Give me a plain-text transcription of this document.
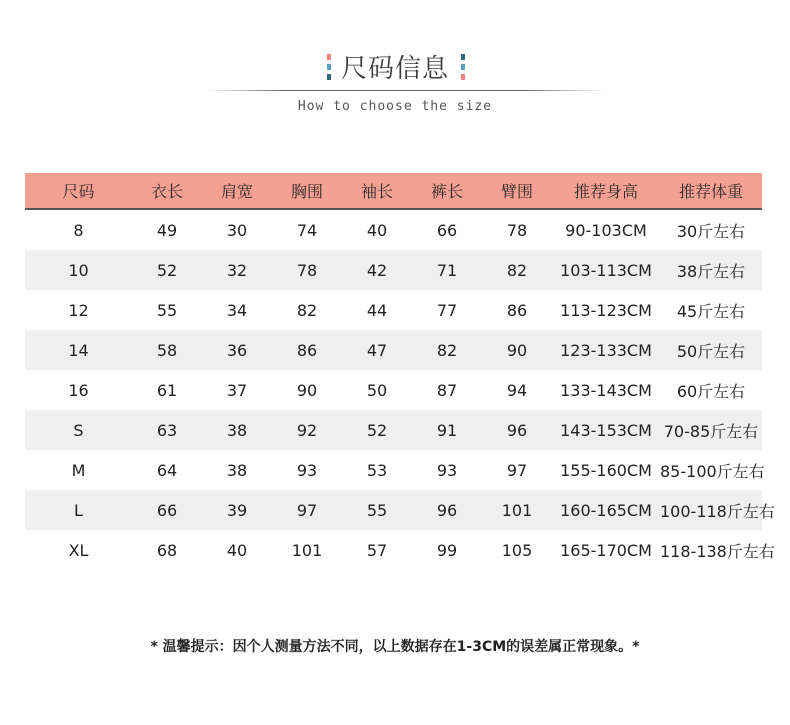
尺码信息
How to choose the size
尺码	衣长	肩宽	胸围	袖长	裤长	臂围	推荐身高	推荐体重
8	49	30	74	40	66	78	90-103CM	30斤左右
10	52	32	78	42	71	82	103-113CM	38斤左右
12	55	34	82	44	77	86	113-123CM	45斤左右
14	58	36	86	47	82	90	123-133CM	50斤左右
16	61	37	90	50	87	94	133-143CM	60斤左右
S	63	38	92	52	91	96	143-153CM	70-85斤左右
M	64	38	93	53	93	97	155-160CM	85-100斤左右
L	66	39	97	55	96	101	160-165CM	100-118斤左右
XL	68	40	101	57	99	105	165-170CM	118-138斤左右
* 温馨提示：因个人测量方法不同，以上数据存在1-3CM的误差属正常现象。*
